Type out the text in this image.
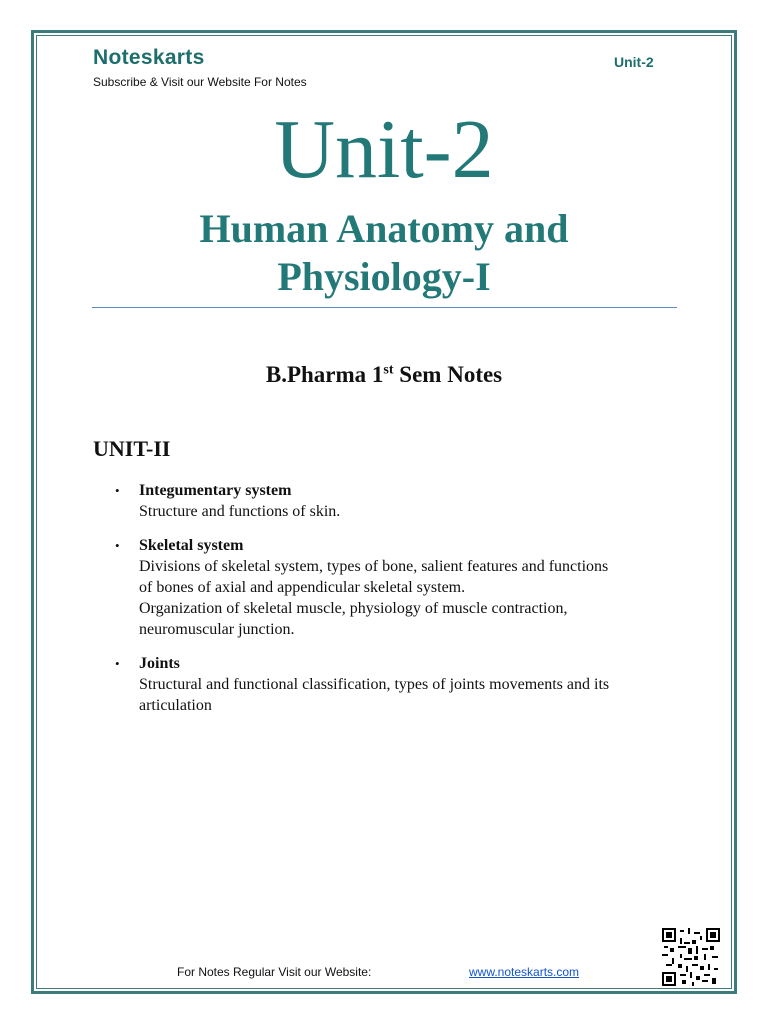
Noteskarts
Subscribe & Visit our Website For Notes
Unit-2
Unit-2
Human Anatomy and
Physiology-I
B.Pharma 1st Sem Notes
UNIT-II
• Integumentary system
Structure and functions of skin.
• Skeletal system
Divisions of skeletal system, types of bone, salient features and functions
of bones of axial and appendicular skeletal system.
Organization of skeletal muscle, physiology of muscle contraction,
neuromuscular junction.
• Joints
Structural and functional classification, types of joints movements and its
articulation
For Notes Regular Visit our Website:	www.noteskarts.com
